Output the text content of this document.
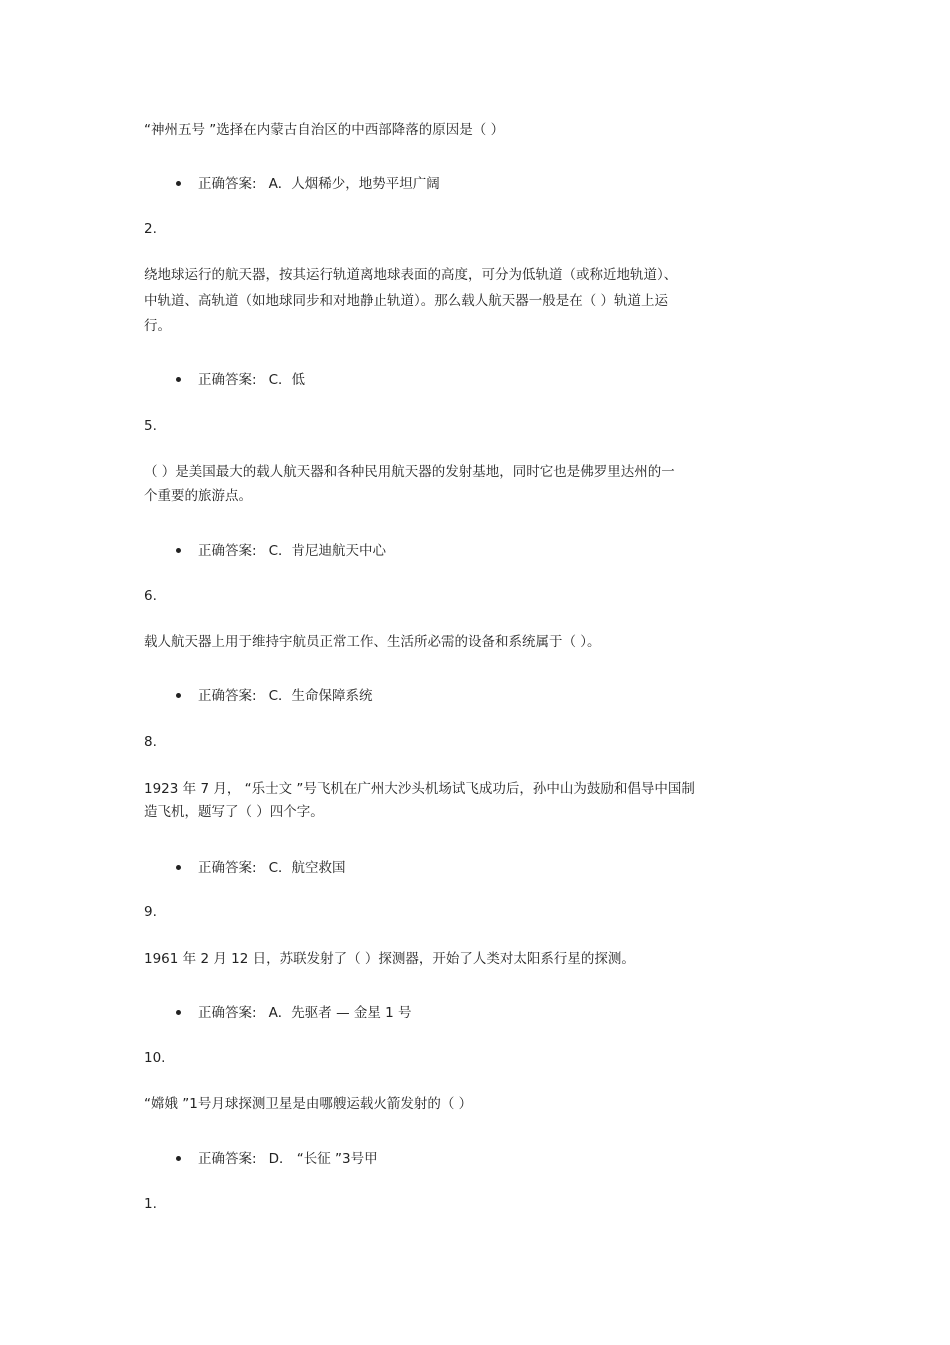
“神州五号 ”选择在内蒙古自治区的中西部降落的原因是（ ）
正确答案: A．人烟稀少，地势平坦广阔
2.
绕地球运行的航天器，按其运行轨道离地球表面的高度，可分为低轨道（或称近地轨道）、
中轨道、高轨道（如地球同步和对地静止轨道）。那么载人航天器一般是在（ ）轨道上运
行。
正确答案: C．低
5.
（ ）是美国最大的载人航天器和各种民用航天器的发射基地，同时它也是佛罗里达州的一
个重要的旅游点。
正确答案: C．肯尼迪航天中心
6.
载人航天器上用于维持宇航员正常工作、生活所必需的设备和系统属于（ ）。
正确答案: C．生命保障系统
8.
1923 年 7 月， “乐士文 ”号飞机在广州大沙头机场试飞成功后，孙中山为鼓励和倡导中国制
造飞机，题写了（ ）四个字。
正确答案: C．航空救国
9.
1961 年 2 月 12 日，苏联发射了（ ）探测器，开始了人类对太阳系行星的探测。
正确答案: A．先驱者 — 金星 1 号
10.
“嫦娥 ”1号月球探测卫星是由哪艘运载火箭发射的（ ）
正确答案: D． “长征 ”3号甲
1.
